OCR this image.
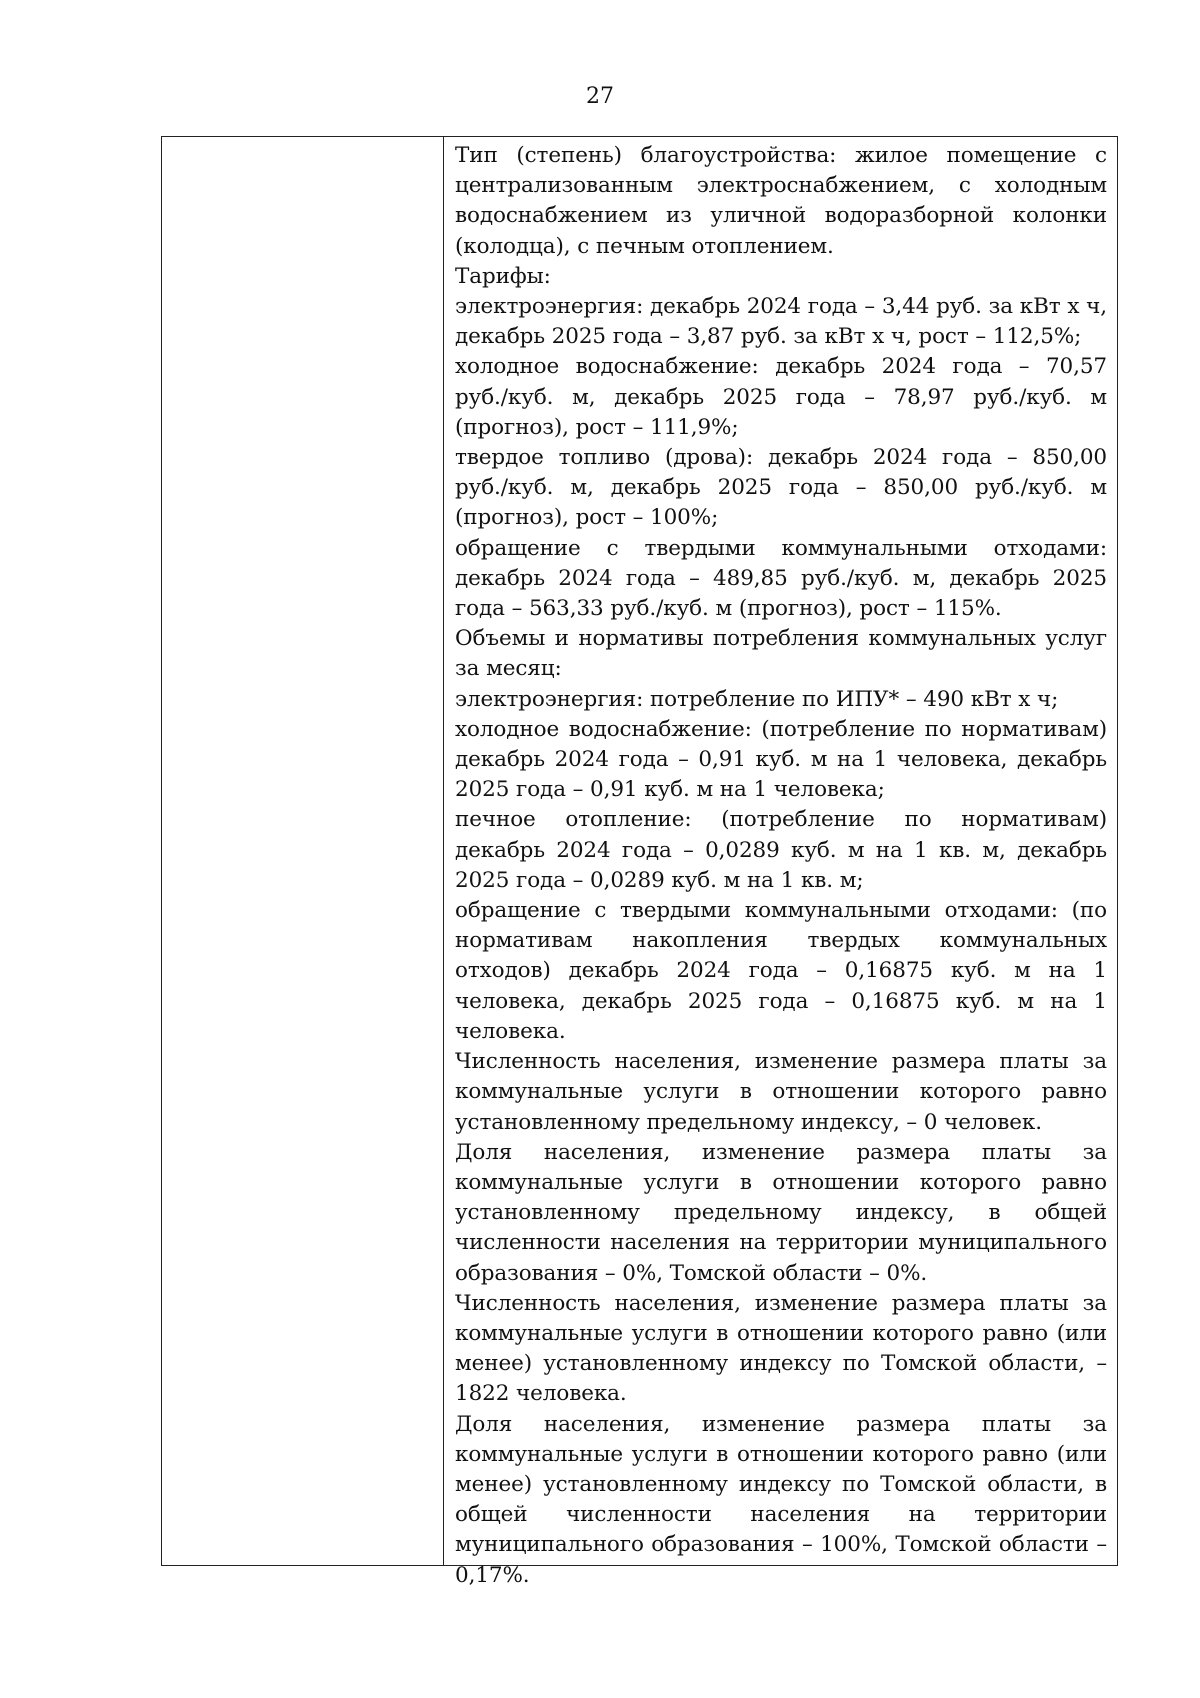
27

Тип (степень) благоустройства: жилое помещение с централизованным электроснабжением, с холодным водоснабжением из уличной водоразборной колонки (колодца), с печным отоплением.

Тарифы:

электроэнергия: декабрь 2024 года – 3,44 руб. за кВт х ч, декабрь 2025 года – 3,87 руб. за кВт х ч, рост – 112,5%;

холодное водоснабжение: декабрь 2024 года – 70,57 руб./куб. м, декабрь 2025 года – 78,97 руб./куб. м (прогноз), рост – 111,9%;

твердое топливо (дрова): декабрь 2024 года – 850,00 руб./куб. м, декабрь 2025 года – 850,00 руб./куб. м (прогноз), рост – 100%;

обращение с твердыми коммунальными отходами: декабрь 2024 года – 489,85 руб./куб. м, декабрь 2025 года – 563,33 руб./куб. м (прогноз), рост – 115%.

Объемы и нормативы потребления коммунальных услуг за месяц:

электроэнергия: потребление по ИПУ* – 490 кВт х ч;

холодное водоснабжение: (потребление по нормативам) декабрь 2024 года – 0,91 куб. м на 1 человека, декабрь 2025 года – 0,91 куб. м на 1 человека;

печное отопление: (потребление по нормативам) декабрь 2024 года – 0,0289 куб. м на 1 кв. м, декабрь 2025 года – 0,0289 куб. м на 1 кв. м;

обращение с твердыми коммунальными отходами: (по нормативам накопления твердых коммунальных отходов) декабрь 2024 года – 0,16875 куб. м на 1 человека, декабрь 2025 года – 0,16875 куб. м на 1 человека.

Численность населения, изменение размера платы за коммунальные услуги в отношении которого равно установленному предельному индексу, – 0 человек.

Доля населения, изменение размера платы за коммунальные услуги в отношении которого равно установленному предельному индексу, в общей численности населения на территории муниципального образования – 0%, Томской области – 0%.

Численность населения, изменение размера платы за коммунальные услуги в отношении которого равно (или менее) установленному индексу по Томской области, – 1822 человека.

Доля населения, изменение размера платы за коммунальные услуги в отношении которого равно (или менее) установленному индексу по Томской области, в общей численности населения на территории муниципального образования – 100%, Томской области – 0,17%.
